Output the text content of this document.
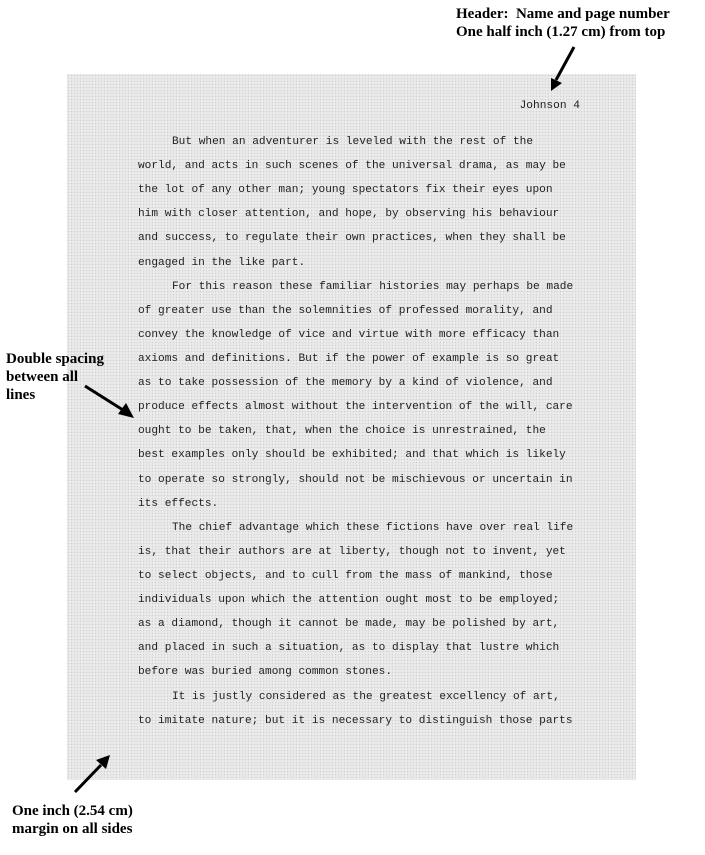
Johnson 4
But when an adventurer is leveled with the rest of the
world, and acts in such scenes of the universal drama, as may be
the lot of any other man; young spectators fix their eyes upon
him with closer attention, and hope, by observing his behaviour
and success, to regulate their own practices, when they shall be
engaged in the like part.
For this reason these familiar histories may perhaps be made
of greater use than the solemnities of professed morality, and
convey the knowledge of vice and virtue with more efficacy than
axioms and definitions. But if the power of example is so great
as to take possession of the memory by a kind of violence, and
produce effects almost without the intervention of the will, care
ought to be taken, that, when the choice is unrestrained, the
best examples only should be exhibited; and that which is likely
to operate so strongly, should not be mischievous or uncertain in
its effects.
The chief advantage which these fictions have over real life
is, that their authors are at liberty, though not to invent, yet
to select objects, and to cull from the mass of mankind, those
individuals upon which the attention ought most to be employed;
as a diamond, though it cannot be made, may be polished by art,
and placed in such a situation, as to display that lustre which
before was buried among common stones.
It is justly considered as the greatest excellency of art,
to imitate nature; but it is necessary to distinguish those parts
Header:  Name and page number
One half inch (1.27 cm) from top
Double spacing
between all
lines
One inch (2.54 cm)
margin on all sides
